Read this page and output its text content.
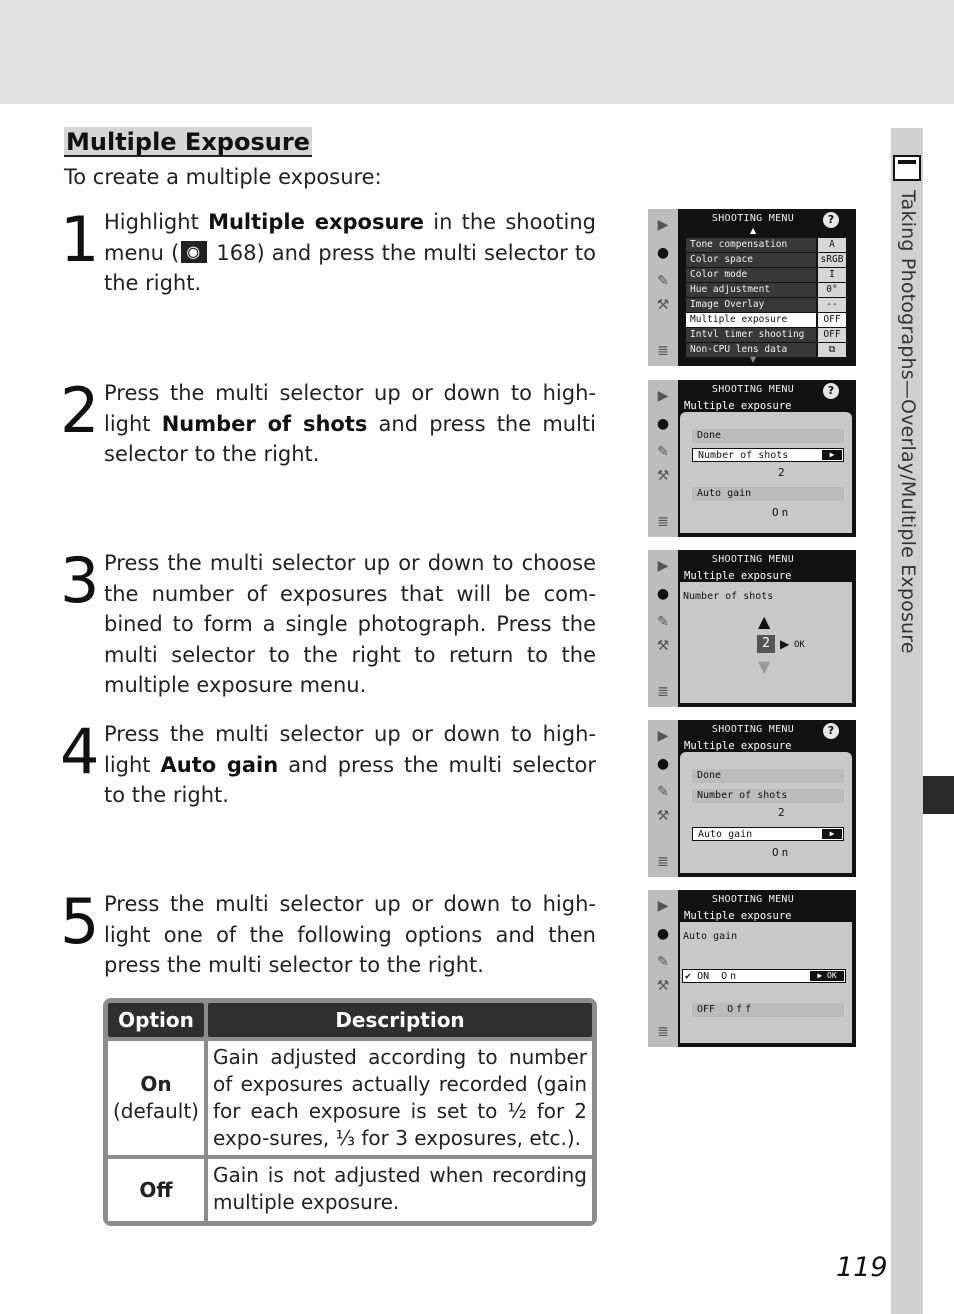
Taking Photographs—Overlay/Multiple Exposure
Multiple Exposure
To create a multiple exposure:
1 Highlight Multiple exposure in the shooting menu (◉ 168) and press the multi selector to the right.
2 Press the multi selector up or down to high-light Number of shots and press the multi selector to the right.
3 Press the multi selector up or down to choose the number of exposures that will be com-bined to form a single photograph. Press the multi selector to the right to return to the multiple exposure menu.
4 Press the multi selector up or down to high-light Auto gain and press the multi selector to the right.
5 Press the multi selector up or down to high-light one of the following options and then press the multi selector to the right.
Option	Description
On
(default)
Gain adjusted according to number of exposures actually recorded (gain for each exposure is set to ½ for 2 expo-sures, ⅓ for 3 exposures, etc.).
Off
Gain is not adjusted when recording multiple exposure.
▶
●
✎
⚒
≣
SHOOTING MENU	?
▲
Tone compensation	A
Color space	sRGB
Color mode	I
Hue adjustment	0°
Image Overlay	--
Multiple exposure	OFF
Intvl timer shooting	OFF
Non-CPU lens data	⧉
▼
▶
●
✎
⚒
≣
SHOOTING MENU	?
Multiple exposure
Done
Number of shots	▶
2
Auto gain
On
▶
●
✎
⚒
≣
SHOOTING MENU
Multiple exposure
Number of shots
▲
2 ▶ OK
▼
▶
●
✎
⚒
≣
SHOOTING MENU	?
Multiple exposure
Done
Number of shots
2
Auto gain	▶
On
▶
●
✎
⚒
≣
SHOOTING MENU
Multiple exposure
Auto gain
✔ ON On	▶ OK
OFF Off
119
